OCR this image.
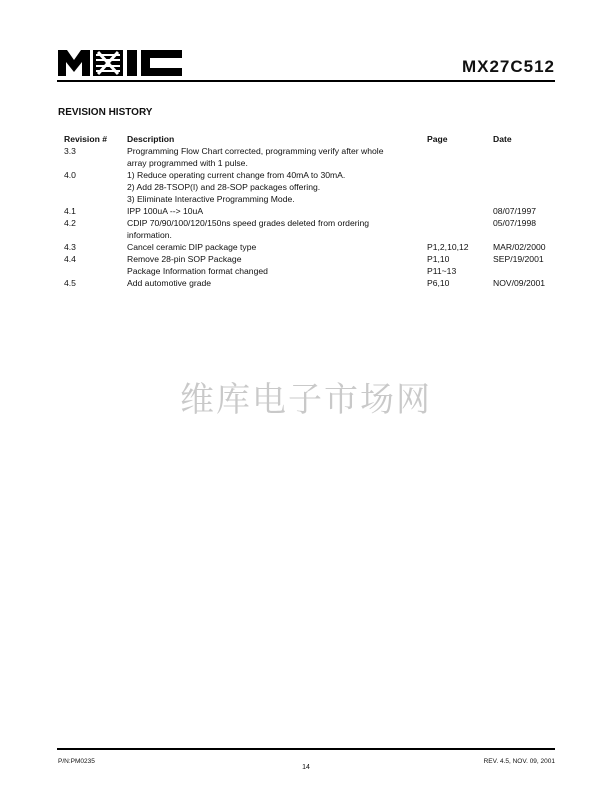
MX27C512
REVISION HISTORY
Revision #	Description	Page	Date
3.3	Programming Flow Chart corrected, programming verify after whole		
	array programmed with 1 pulse.		
4.0	1) Reduce operating current change from 40mA to 30mA.		
	2) Add 28-TSOP(I) and 28-SOP packages offering.		
	3) Eliminate Interactive Programming Mode.		
4.1	IPP 100uA --> 10uA		08/07/1997
4.2	CDIP 70/90/100/120/150ns speed grades deleted from ordering		05/07/1998
	information.		
4.3	Cancel ceramic DIP package type	P1,2,10,12	MAR/02/2000
4.4	Remove 28-pin SOP Package	P1,10	SEP/19/2001
	Package Information format changed	P11~13	
4.5	Add automotive grade	P6,10	NOV/09/2001
维库电子市场网
P/N:PM0235
14
REV. 4.5, NOV. 09, 2001
